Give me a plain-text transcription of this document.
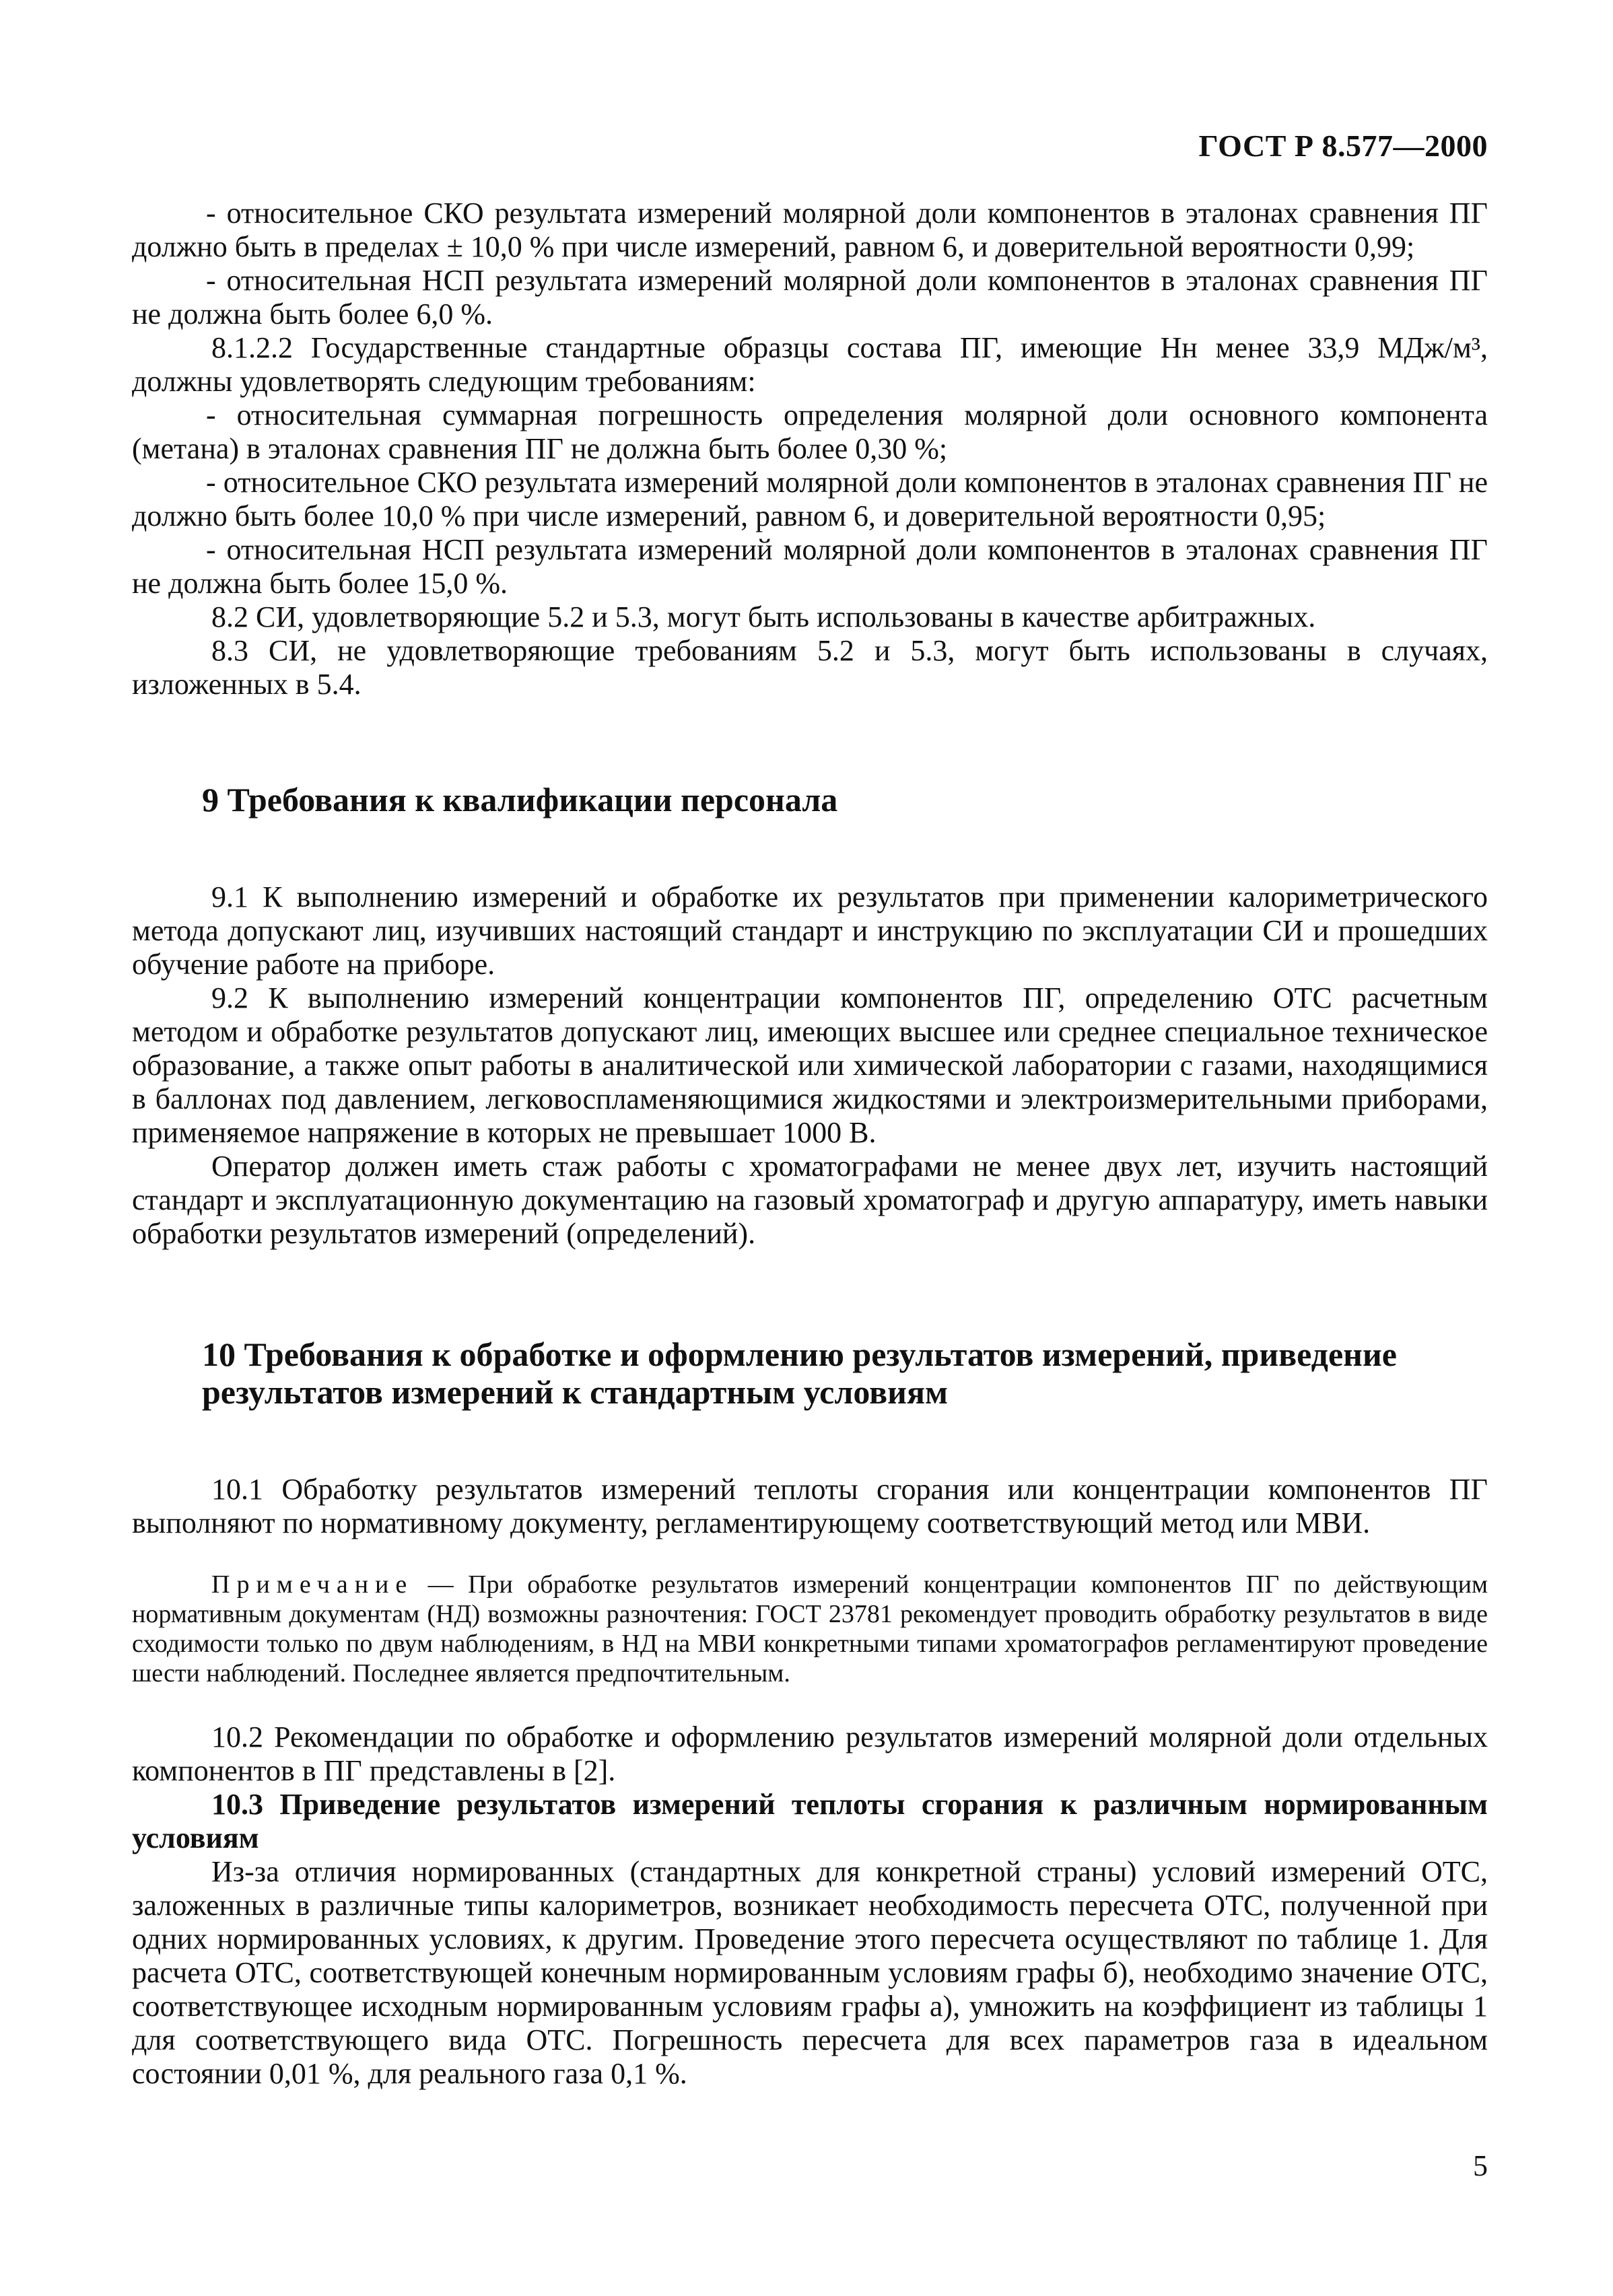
ГОСТ Р 8.577—2000

- относительное СКО результата измерений молярной доли компонентов в эталонах сравнения ПГ должно быть в пределах ± 10,0 % при числе измерений, равном 6, и доверительной вероятности 0,99;

- относительная НСП результата измерений молярной доли компонентов в эталонах сравнения ПГ не должна быть более 6,0 %.

8.1.2.2 Государственные стандартные образцы состава ПГ, имеющие Hн менее 33,9 МДж/м³, должны удовлетворять следующим требованиям:

- относительная суммарная погрешность определения молярной доли основного компонента (метана) в эталонах сравнения ПГ не должна быть более 0,30 %;

- относительное СКО результата измерений молярной доли компонентов в эталонах сравнения ПГ не должно быть более 10,0 % при числе измерений, равном 6, и доверительной вероятности 0,95;

- относительная НСП результата измерений молярной доли компонентов в эталонах сравнения ПГ не должна быть более 15,0 %.

8.2 СИ, удовлетворяющие 5.2 и 5.3, могут быть использованы в качестве арбитражных.

8.3 СИ, не удовлетворяющие требованиям 5.2 и 5.3, могут быть использованы в случаях, изложенных в 5.4.

9 Требования к квалификации персонала

9.1 К выполнению измерений и обработке их результатов при применении калориметрического метода допускают лиц, изучивших настоящий стандарт и инструкцию по эксплуатации СИ и прошедших обучение работе на приборе.

9.2 К выполнению измерений концентрации компонентов ПГ, определению ОТС расчетным методом и обработке результатов допускают лиц, имеющих высшее или среднее специальное техническое образование, а также опыт работы в аналитической или химической лаборатории с газами, находящимися в баллонах под давлением, легковоспламеняющимися жидкостями и электроизмерительными приборами, применяемое напряжение в которых не превышает 1000 В.

Оператор должен иметь стаж работы с хроматографами не менее двух лет, изучить настоящий стандарт и эксплуатационную документацию на газовый хроматограф и другую аппаратуру, иметь навыки обработки результатов измерений (определений).

10 Требования к обработке и оформлению результатов измерений, приведение результатов измерений к стандартным условиям

10.1 Обработку результатов измерений теплоты сгорания или концентрации компонентов ПГ выполняют по нормативному документу, регламентирующему соответствующий метод или МВИ.

Примечание — При обработке результатов измерений концентрации компонентов ПГ по действующим нормативным документам (НД) возможны разночтения: ГОСТ 23781 рекомендует проводить обработку результатов в виде сходимости только по двум наблюдениям, в НД на МВИ конкретными типами хроматографов регламентируют проведение шести наблюдений. Последнее является предпочтительным.

10.2 Рекомендации по обработке и оформлению результатов измерений молярной доли отдельных компонентов в ПГ представлены в [2].

10.3 Приведение результатов измерений теплоты сгорания к различным нормированным условиям

Из-за отличия нормированных (стандартных для конкретной страны) условий измерений ОТС, заложенных в различные типы калориметров, возникает необходимость пересчета ОТС, полученной при одних нормированных условиях, к другим. Проведение этого пересчета осуществляют по таблице 1. Для расчета ОТС, соответствующей конечным нормированным условиям графы б), необходимо значение ОТС, соответствующее исходным нормированным условиям графы а), умножить на коэффициент из таблицы 1 для соответствующего вида ОТС. Погрешность пересчета для всех параметров газа в идеальном состоянии 0,01 %, для реального газа 0,1 %.

5
